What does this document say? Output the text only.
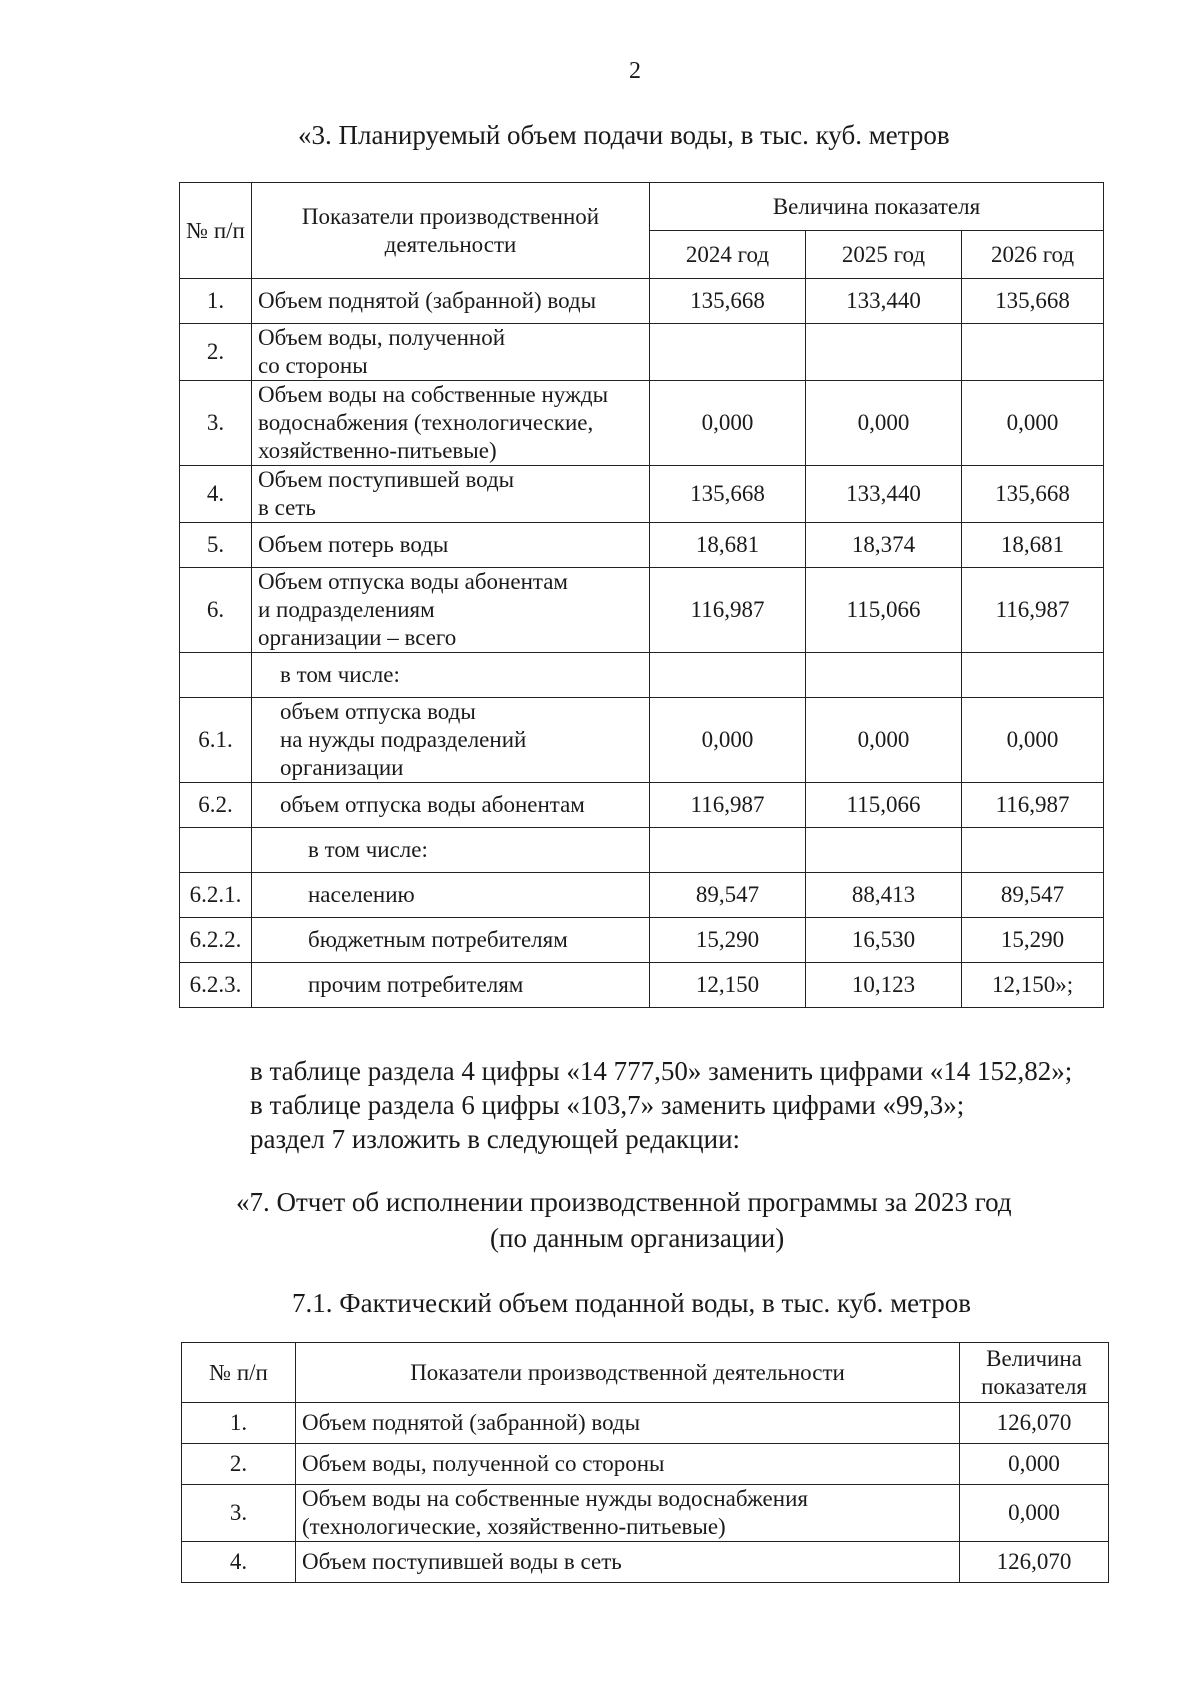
2
«3. Планируемый объем подачи воды, в тыс. куб. метров
№ п/п	Показатели производственной деятельности	Величина показателя		
		2024 год	2025 год	2026 год
1.	Объем поднятой (забранной) воды	135,668	133,440	135,668
2.	Объем воды, полученной
со стороны			
3.	Объем воды на собственные нужды водоснабжения (технологические, хозяйственно-питьевые)	0,000	0,000	0,000
4.	Объем поступившей воды
в сеть	135,668	133,440	135,668
5.	Объем потерь воды	18,681	18,374	18,681
6.	Объем отпуска воды абонентам
и подразделениям
организации – всего	116,987	115,066	116,987
	в том числе:			
6.1.	объем отпуска воды
на нужды подразделений
организации	0,000	0,000	0,000
6.2.	объем отпуска воды абонентам	116,987	115,066	116,987
	в том числе:			
6.2.1.	населению	89,547	88,413	89,547
6.2.2.	бюджетным потребителям	15,290	16,530	15,290
6.2.3.	прочим потребителям	12,150	10,123	12,150»;
в таблице раздела 4 цифры «14 777,50» заменить цифрами «14 152,82»;
в таблице раздела 6 цифры «103,7» заменить цифрами «99,3»;
раздел 7 изложить в следующей редакции:
«7. Отчет об исполнении производственной программы за 2023 год
(по данным организации)
7.1. Фактический объем поданной воды, в тыс. куб. метров
№ п/п	Показатели производственной деятельности	Величина показателя
1.	Объем поднятой (забранной) воды	126,070
2.	Объем воды, полученной со стороны	0,000
3.	Объем воды на собственные нужды водоснабжения (технологические, хозяйственно-питьевые)	0,000
4.	Объем поступившей воды в сеть	126,070
